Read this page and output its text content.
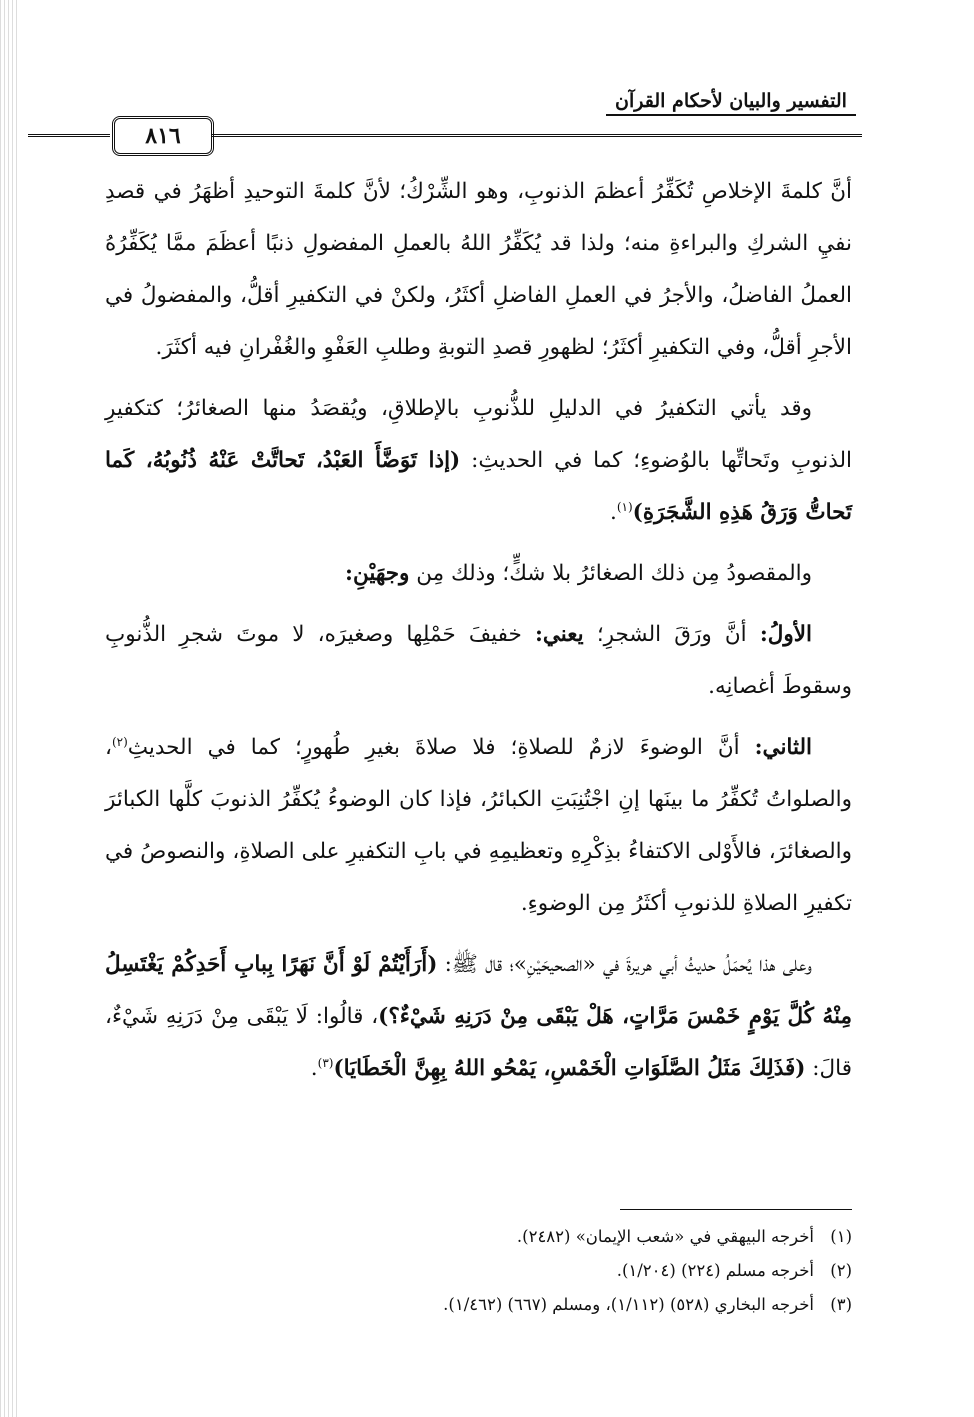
التفسير والبيان لأحكام القرآن
٨١٦

أنَّ كلمةَ الإخلاصِ تُكَفِّرُ أعظمَ الذنوبِ، وهو الشِّرْكُ؛ لأنَّ كلمةَ التوحيدِ أظهَرُ في قصدِ نفيِ الشركِ والبراءةِ منه؛ ولذا قد يُكَفِّرُ اللهُ بالعملِ المفضولِ ذنبًا أعظَمَ ممَّا يُكَفِّرُهُ العملُ الفاضلُ، والأجرُ في العملِ الفاضلِ أكثَرُ، ولكنْ في التكفيرِ أقلُّ، والمفضولُ في الأجرِ أقلُّ، وفي التكفيرِ أكثَرُ؛ لظهورِ قصدِ التوبةِ وطلبِ العَفْوِ والغُفْرانِ فيه أكثَرَ.

وقد يأتي التكفيرُ في الدليلِ للذُّنوبِ بالإطلاقِ، ويُقصَدُ منها الصغائرُ؛ كتكفيرِ الذنوبِ وتَحاتِّها بالوُضوءِ؛ كما في الحديثِ: (إذا تَوَضَّأَ العَبْدُ، تَحاتَّتْ عَنْهُ ذُنُوبُهُ، كَما تَحاتُّ وَرَقُ هَذِهِ الشَّجَرَةِ)$^{(١)}$.

والمقصودُ مِن ذلك الصغائرُ بلا شكٍّ؛ وذلك مِن وجهَيْنِ:

الأولُ: أنَّ ورَقَ الشجرِ؛ يعني: خفيفَ حَمْلِها وصغيرَه، لا موتَ شجرِ الذُّنوبِ وسقوطَ أغصانِه.

الثاني: أنَّ الوضوءَ لازمٌ للصلاةِ؛ فلا صلاةَ بغيرِ طُهورٍ؛ كما في الحديثِ$^{(٢)}$، والصلواتُ تُكفِّرُ ما بينَها إنِ اجْتُنِبَتِ الكبائرُ، فإذا كان الوضوءُ يُكفِّرُ الذنوبَ كلَّها الكبائرَ والصغائرَ، فالأَوْلى الاكتفاءُ بذِكْرِهِ وتعظيمِهِ في بابِ التكفيرِ على الصلاةِ، والنصوصُ في تكفيرِ الصلاةِ للذنوبِ أكثَرُ مِن الوضوءِ.

وعلى هذا يُحمَلُ حديثُ أبي هريرةَ في «الصحيحَيْنِ»؛ قال ﷺ: (أَرَأَيْتُمْ لَوْ أَنَّ نَهَرًا بِبابِ أَحَدِكُمْ يَغْتَسِلُ مِنْهُ كُلَّ يَوْمٍ خَمْسَ مَرَّاتٍ، هَلْ يَبْقَى مِنْ دَرَنِهِ شَيْءٌ؟)، قالُوا: لَا يَبْقَى مِنْ دَرَنِهِ شَيْءٌ، قالَ: (فَذَلِكَ مَثَلُ الصَّلَوَاتِ الْخَمْسِ، يَمْحُو اللهُ بِهِنَّ الْخَطَايَا)$^{(٣)}$.

(١)أخرجه البيهقي في «شعب الإيمان» (٢٤٨٢).
(٢)أخرجه مسلم (٢٢٤) (١/٢٠٤).
(٣)أخرجه البخاري (٥٢٨) (١/١١٢)، ومسلم (٦٦٧) (١/٤٦٢).
